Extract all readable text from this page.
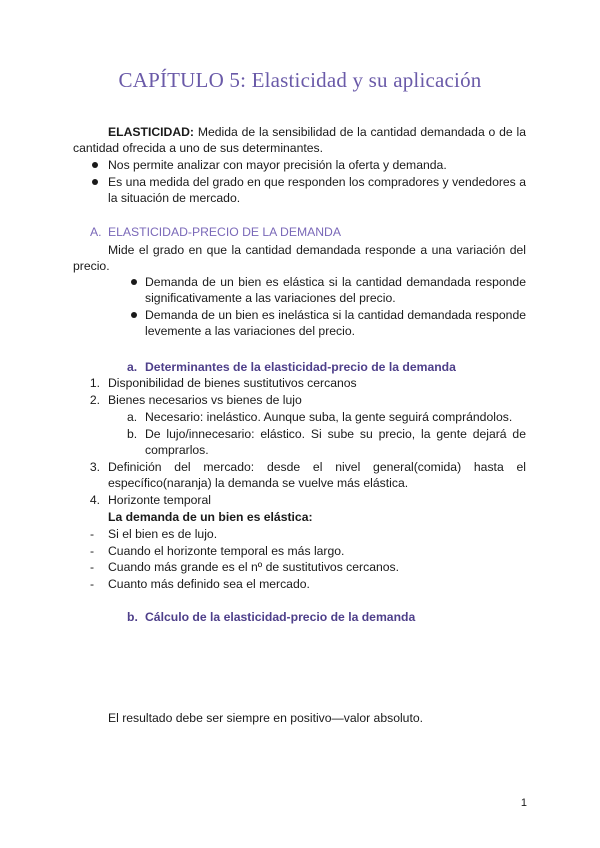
CAPÍTULO 5: Elasticidad y su aplicación
ELASTICIDAD: Medida de la sensibilidad de la cantidad demandada o de la
cantidad ofrecida a uno de sus determinantes.
Nos permite analizar con mayor precisión la oferta y demanda.
Es una medida del grado en que responden los compradores y vendedores a
la situación de mercado.
A. ELASTICIDAD-PRECIO DE LA DEMANDA
Mide el grado en que la cantidad demandada responde a una variación del
precio.
Demanda de un bien es elástica si la cantidad demandada responde
significativamente a las variaciones del precio.
Demanda de un bien es inelástica si la cantidad demandada responde
levemente a las variaciones del precio.
a. Determinantes de la elasticidad-precio de la demanda
1. Disponibilidad de bienes sustitutivos cercanos
2. Bienes necesarios vs bienes de lujo
a. Necesario: inelástico. Aunque suba, la gente seguirá comprándolos.
b. De lujo/innecesario: elástico. Si sube su precio, la gente dejará de
comprarlos.
3. Definición del mercado: desde el nivel general(comida) hasta el
específico(naranja) la demanda se vuelve más elástica.
4. Horizonte temporal
La demanda de un bien es elástica:
- Si el bien es de lujo.
- Cuando el horizonte temporal es más largo.
- Cuando más grande es el nº de sustitutivos cercanos.
- Cuanto más definido sea el mercado.
b. Cálculo de la elasticidad-precio de la demanda
El resultado debe ser siempre en positivo—valor absoluto.
1
